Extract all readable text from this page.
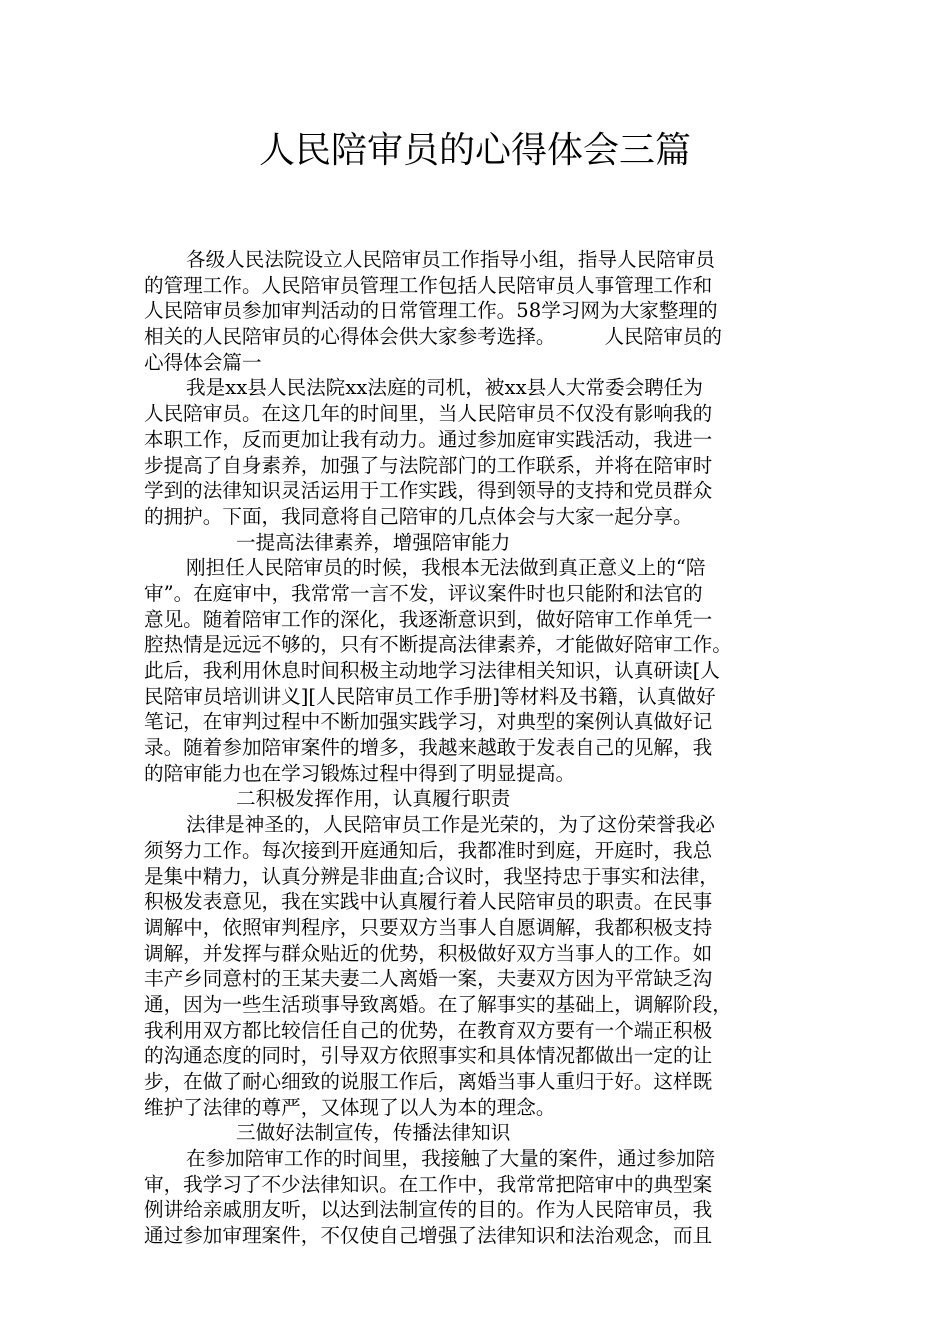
人民陪审员的心得体会三篇
各级人民法院设立人民陪审员工作指导小组，指导人民陪审员
的管理工作。人民陪审员管理工作包括人民陪审员人事管理工作和
人民陪审员参加审判活动的日常管理工作。58学习网为大家整理的
相关的人民陪审员的心得体会供大家参考选择。　　　人民陪审员的
心得体会篇一
我是xx县人民法院xx法庭的司机，被xx县人大常委会聘任为
人民陪审员。在这几年的时间里，当人民陪审员不仅没有影响我的
本职工作，反而更加让我有动力。通过参加庭审实践活动，我进一
步提高了自身素养，加强了与法院部门的工作联系，并将在陪审时
学到的法律知识灵活运用于工作实践，得到领导的支持和党员群众
的拥护。下面，我同意将自己陪审的几点体会与大家一起分享。
一提高法律素养，增强陪审能力
刚担任人民陪审员的时候，我根本无法做到真正意义上的“陪
审”。在庭审中，我常常一言不发，评议案件时也只能附和法官的
意见。随着陪审工作的深化，我逐渐意识到，做好陪审工作单凭一
腔热情是远远不够的，只有不断提高法律素养，才能做好陪审工作。
此后，我利用休息时间积极主动地学习法律相关知识，认真研读[人
民陪审员培训讲义][人民陪审员工作手册]等材料及书籍，认真做好
笔记，在审判过程中不断加强实践学习，对典型的案例认真做好记
录。随着参加陪审案件的增多，我越来越敢于发表自己的见解，我
的陪审能力也在学习锻炼过程中得到了明显提高。
二积极发挥作用，认真履行职责
法律是神圣的，人民陪审员工作是光荣的，为了这份荣誉我必
须努力工作。每次接到开庭通知后，我都准时到庭，开庭时，我总
是集中精力，认真分辨是非曲直;合议时，我坚持忠于事实和法律，
积极发表意见，我在实践中认真履行着人民陪审员的职责。在民事
调解中，依照审判程序，只要双方当事人自愿调解，我都积极支持
调解，并发挥与群众贴近的优势，积极做好双方当事人的工作。如
丰产乡同意村的王某夫妻二人离婚一案，夫妻双方因为平常缺乏沟
通，因为一些生活琐事导致离婚。在了解事实的基础上，调解阶段，
我利用双方都比较信任自己的优势，在教育双方要有一个端正积极
的沟通态度的同时，引导双方依照事实和具体情况都做出一定的让
步，在做了耐心细致的说服工作后，离婚当事人重归于好。这样既
维护了法律的尊严，又体现了以人为本的理念。
三做好法制宣传，传播法律知识
在参加陪审工作的时间里，我接触了大量的案件，通过参加陪
审，我学习了不少法律知识。在工作中，我常常把陪审中的典型案
例讲给亲戚朋友听，以达到法制宣传的目的。作为人民陪审员，我
通过参加审理案件，不仅使自己增强了法律知识和法治观念，而且
